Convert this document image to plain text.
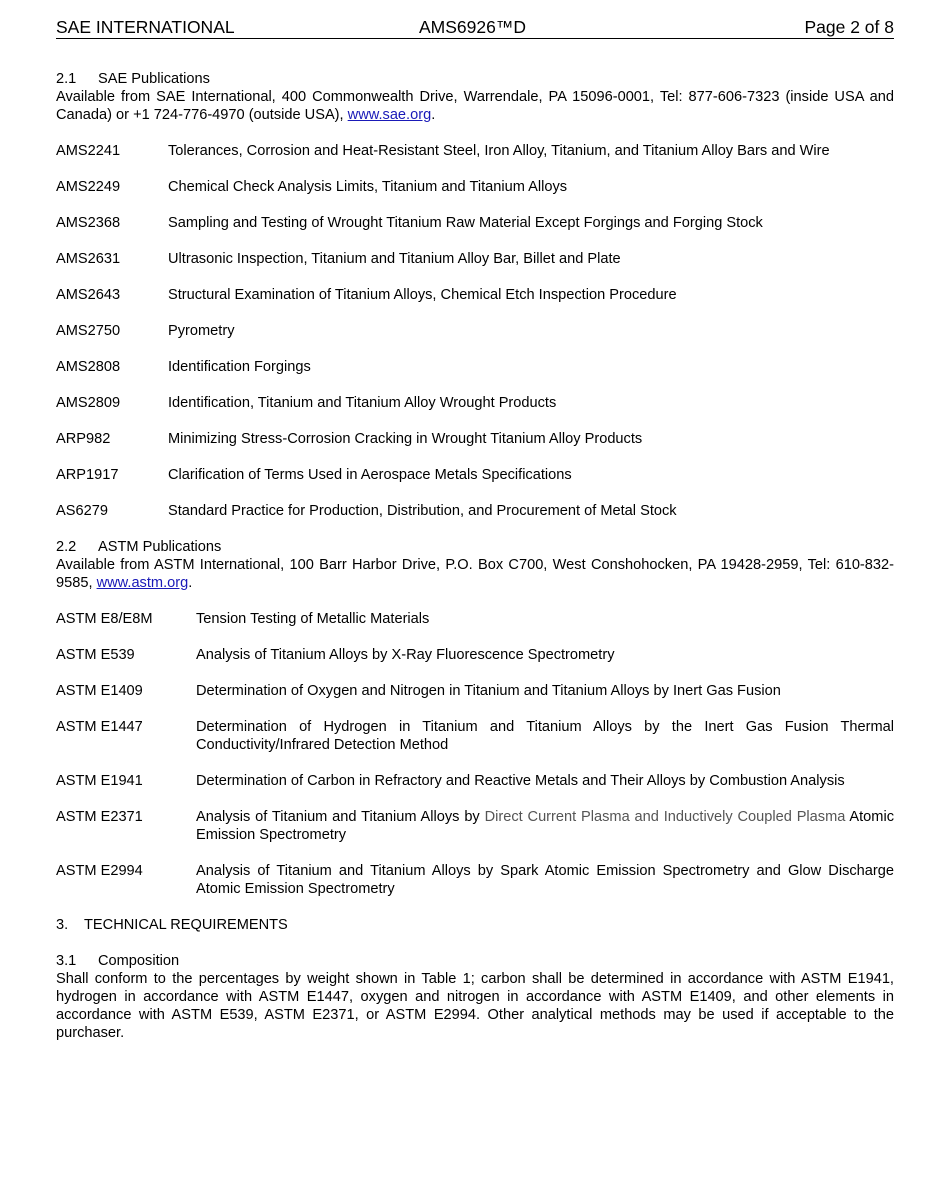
SAE INTERNATIONAL	AMS6926™D	Page 2 of 8
2.1	SAE Publications

Available from SAE International, 400 Commonwealth Drive, Warrendale, PA 15096-0001, Tel: 877-606-7323 (inside USA and Canada) or +1 724-776-4970 (outside USA), www.sae.org.

AMS2241	Tolerances, Corrosion and Heat-Resistant Steel, Iron Alloy, Titanium, and Titanium Alloy Bars and Wire
AMS2249	Chemical Check Analysis Limits, Titanium and Titanium Alloys
AMS2368	Sampling and Testing of Wrought Titanium Raw Material Except Forgings and Forging Stock
AMS2631	Ultrasonic Inspection, Titanium and Titanium Alloy Bar, Billet and Plate
AMS2643	Structural Examination of Titanium Alloys, Chemical Etch Inspection Procedure
AMS2750	Pyrometry
AMS2808	Identification Forgings
AMS2809	Identification, Titanium and Titanium Alloy Wrought Products
ARP982	Minimizing Stress-Corrosion Cracking in Wrought Titanium Alloy Products
ARP1917	Clarification of Terms Used in Aerospace Metals Specifications
AS6279	Standard Practice for Production, Distribution, and Procurement of Metal Stock
2.2	ASTM Publications

Available from ASTM International, 100 Barr Harbor Drive, P.O. Box C700, West Conshohocken, PA 19428-2959, Tel: 610-832-9585, www.astm.org.

ASTM E8/E8M	Tension Testing of Metallic Materials
ASTM E539	Analysis of Titanium Alloys by X-Ray Fluorescence Spectrometry
ASTM E1409	Determination of Oxygen and Nitrogen in Titanium and Titanium Alloys by Inert Gas Fusion
ASTM E1447	Determination of Hydrogen in Titanium and Titanium Alloys by the Inert Gas Fusion Thermal Conductivity/Infrared Detection Method
ASTM E1941	Determination of Carbon in Refractory and Reactive Metals and Their Alloys by Combustion Analysis
ASTM E2371	Analysis of Titanium and Titanium Alloys by Direct Current Plasma and Inductively Coupled Plasma Atomic Emission Spectrometry
ASTM E2994	Analysis of Titanium and Titanium Alloys by Spark Atomic Emission Spectrometry and Glow Discharge Atomic Emission Spectrometry
3.	TECHNICAL REQUIREMENTS
3.1	Composition

Shall conform to the percentages by weight shown in Table 1; carbon shall be determined in accordance with ASTM E1941, hydrogen in accordance with ASTM E1447, oxygen and nitrogen in accordance with ASTM E1409, and other elements in accordance with ASTM E539, ASTM E2371, or ASTM E2994. Other analytical methods may be used if acceptable to the purchaser.
